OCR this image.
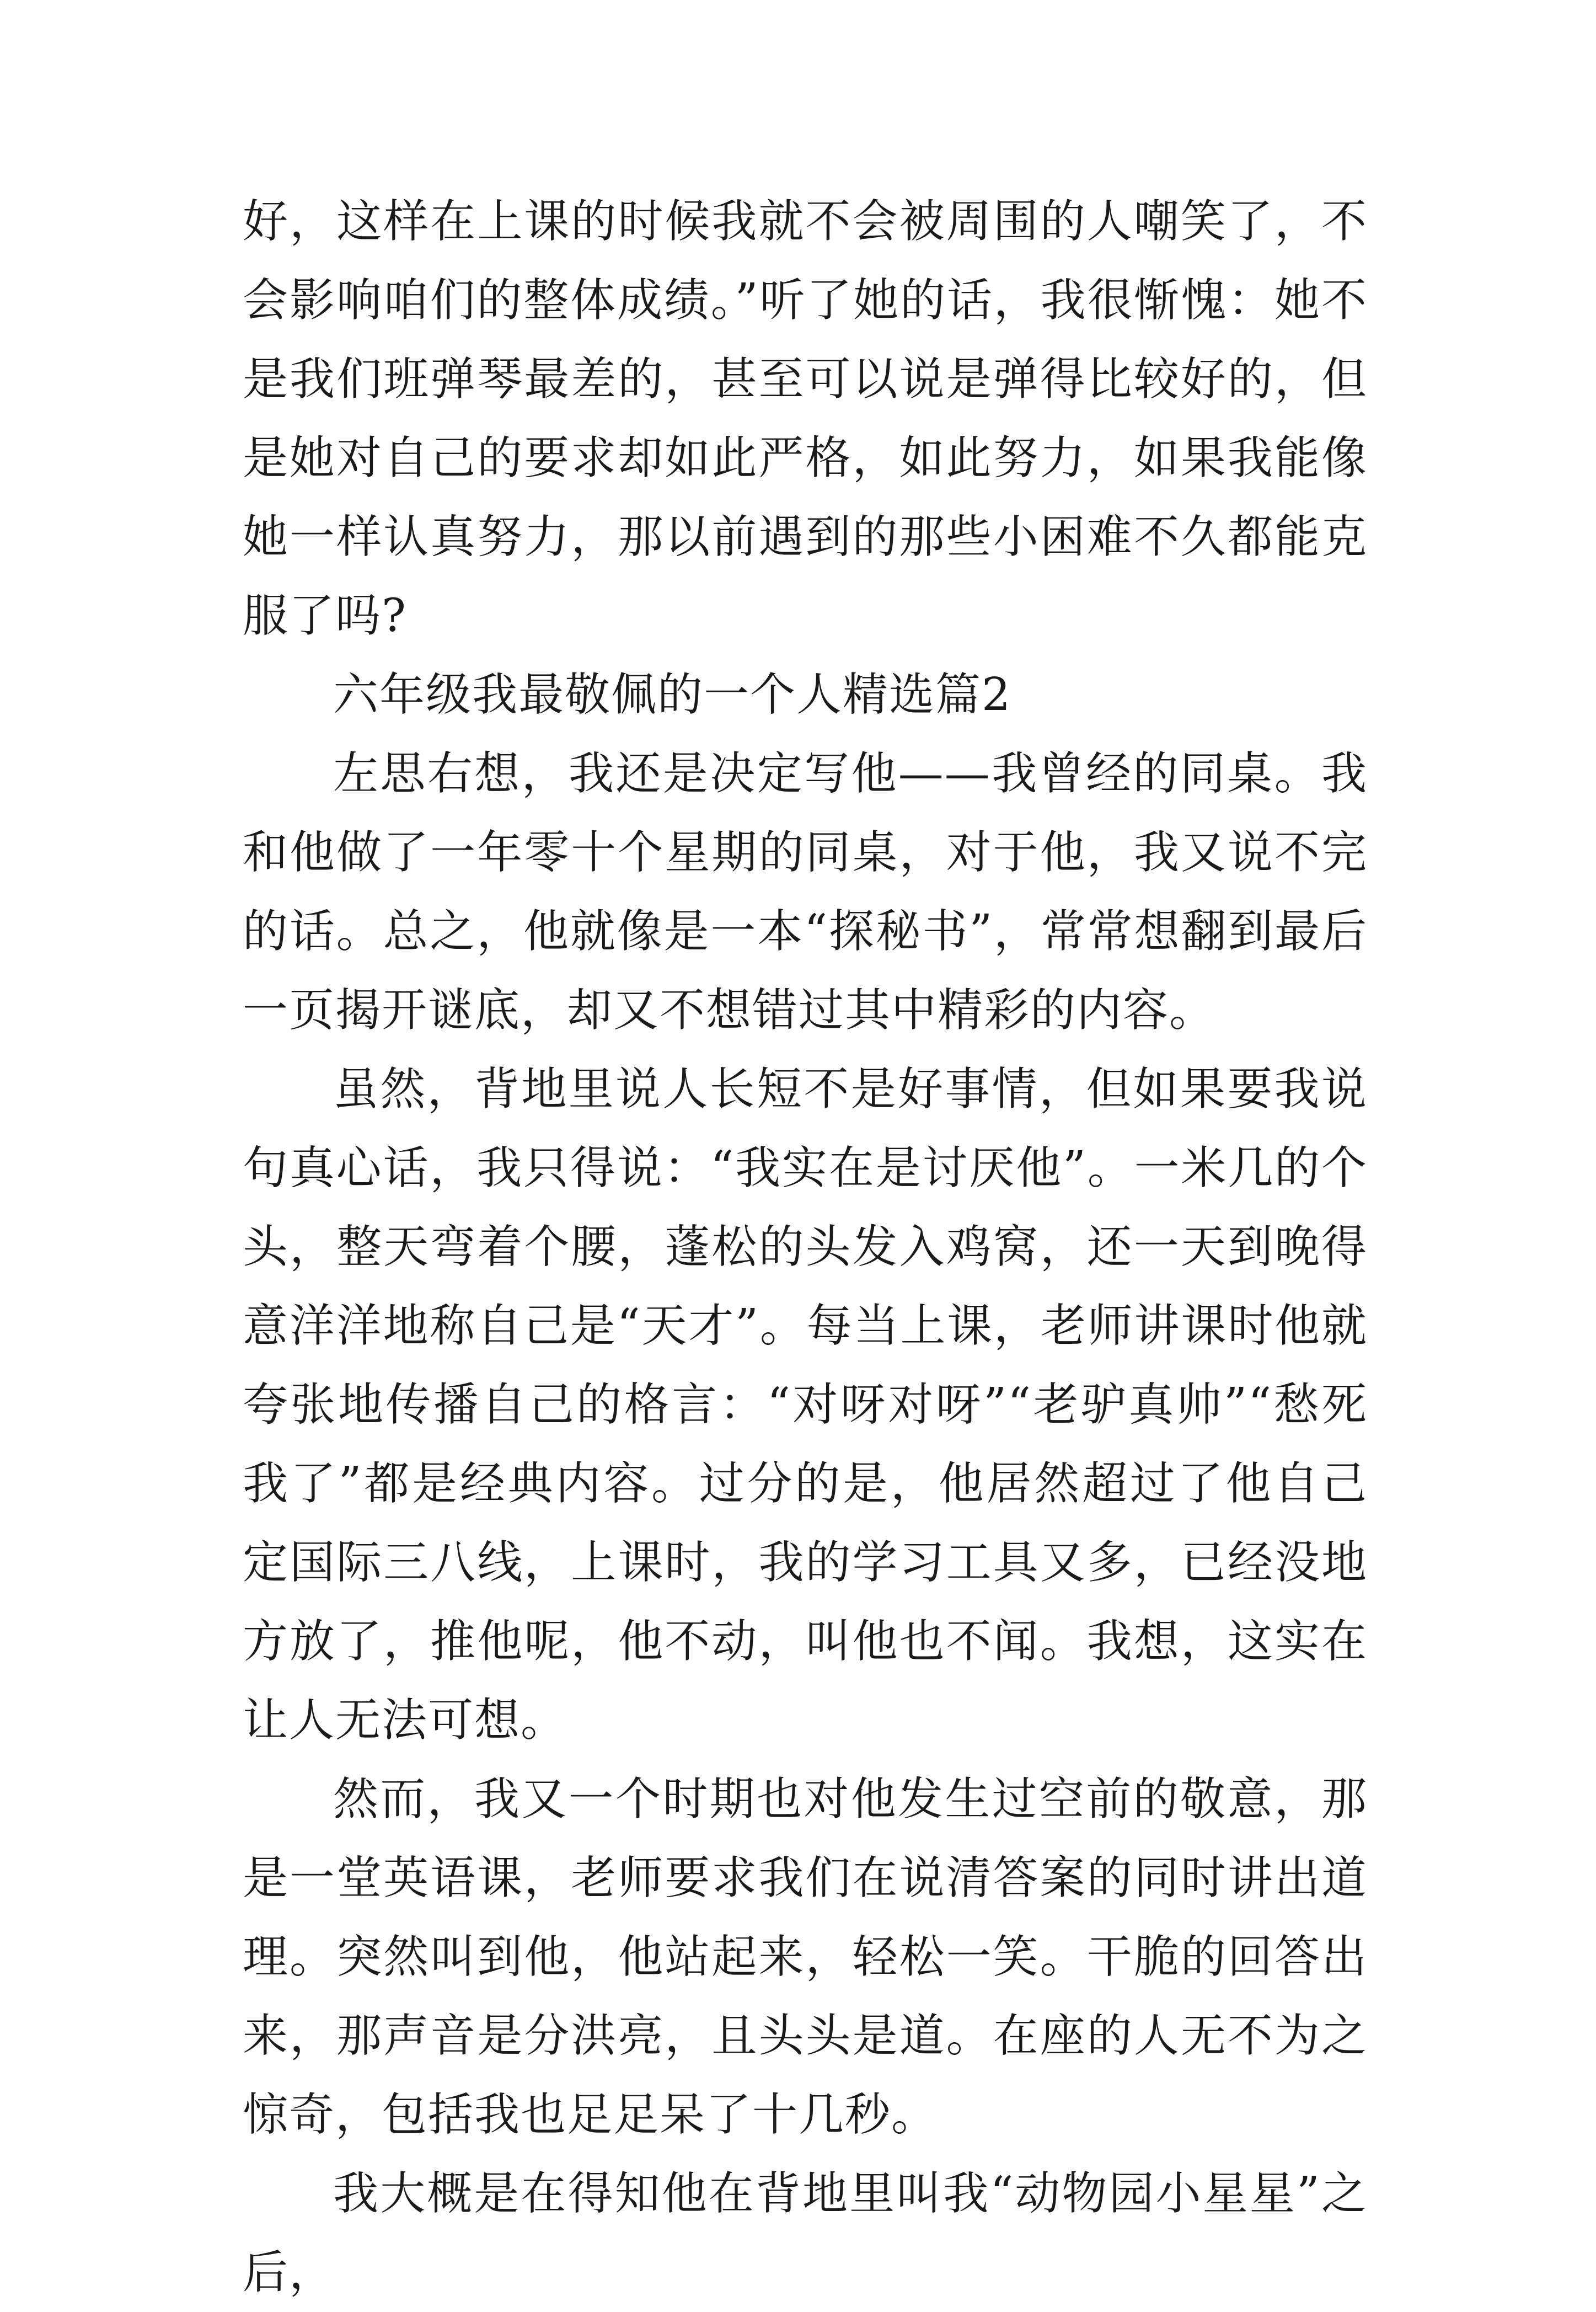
好，这样在上课的时候我就不会被周围的人嘲笑了，不会影响咱们的整体成绩。”听了她的话，我很惭愧：她不是我们班弹琴最差的，甚至可以说是弹得比较好的，但是她对自己的要求却如此严格，如此努力，如果我能像她一样认真努力，那以前遇到的那些小困难不久都能克服了吗?

六年级我最敬佩的一个人精选篇2

左思右想，我还是决定写他——我曾经的同桌。我和他做了一年零十个星期的同桌，对于他，我又说不完的话。总之，他就像是一本“探秘书”，常常想翻到最后一页揭开谜底，却又不想错过其中精彩的内容。

虽然，背地里说人长短不是好事情，但如果要我说句真心话，我只得说：“我实在是讨厌他”。一米几的个头，整天弯着个腰，蓬松的头发入鸡窝，还一天到晚得意洋洋地称自己是“天才”。每当上课，老师讲课时他就夸张地传播自己的格言：“对呀对呀”“老驴真帅”“愁死我了”都是经典内容。过分的是，他居然超过了他自己定国际三八线，上课时，我的学习工具又多，已经没地方放了，推他呢，他不动，叫他也不闻。我想，这实在让人无法可想。

然而，我又一个时期也对他发生过空前的敬意，那是一堂英语课，老师要求我们在说清答案的同时讲出道理。突然叫到他，他站起来，轻松一笑。干脆的回答出来，那声音是分洪亮，且头头是道。在座的人无不为之惊奇，包括我也足足呆了十几秒。

我大概是在得知他在背地里叫我“动物园小星星”之后，
